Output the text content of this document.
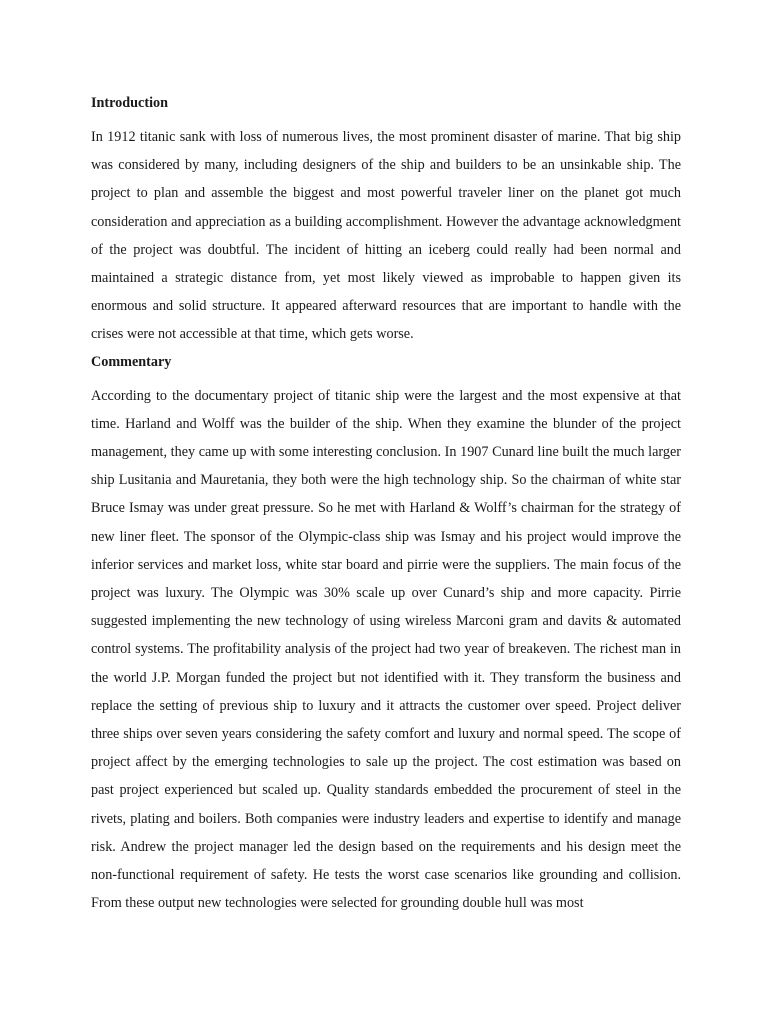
Introduction

In 1912 titanic sank with loss of numerous lives, the most prominent disaster of marine. That big ship was considered by many, including designers of the ship and builders to be an unsinkable ship. The project to plan and assemble the biggest and most powerful traveler liner on the planet got much consideration and appreciation as a building accomplishment. However the advantage acknowledgment of the project was doubtful. The incident of hitting an iceberg could really had been normal and maintained a strategic distance from, yet most likely viewed as improbable to happen given its enormous and solid structure. It appeared afterward resources that are important to handle with the crises were not accessible at that time, which gets worse.

Commentary

According to the documentary project of titanic ship were the largest and the most expensive at that time. Harland and Wolff was the builder of the ship. When they examine the blunder of the project management, they came up with some interesting conclusion. In 1907 Cunard line built the much larger ship Lusitania and Mauretania, they both were the high technology ship. So the chairman of white star Bruce Ismay was under great pressure. So he met with Harland & Wolff’s chairman for the strategy of new liner fleet. The sponsor of the Olympic-class ship was Ismay and his project would improve the inferior services and market loss, white star board and pirrie were the suppliers. The main focus of the project was luxury. The Olympic was 30% scale up over Cunard’s ship and more capacity. Pirrie suggested implementing the new technology of using wireless Marconi gram and davits & automated control systems. The profitability analysis of the project had two year of breakeven. The richest man in the world J.P. Morgan funded the project but not identified with it. They transform the business and replace the setting of previous ship to luxury and it attracts the customer over speed. Project deliver three ships over seven years considering the safety comfort and luxury and normal speed. The scope of project affect by the emerging technologies to sale up the project. The cost estimation was based on past project experienced but scaled up. Quality standards embedded the procurement of steel in the rivets, plating and boilers. Both companies were industry leaders and expertise to identify and manage risk. Andrew the project manager led the design based on the requirements and his design meet the non-functional requirement of safety. He tests the worst case scenarios like grounding and collision. From these output new technologies were selected for grounding double hull was most
